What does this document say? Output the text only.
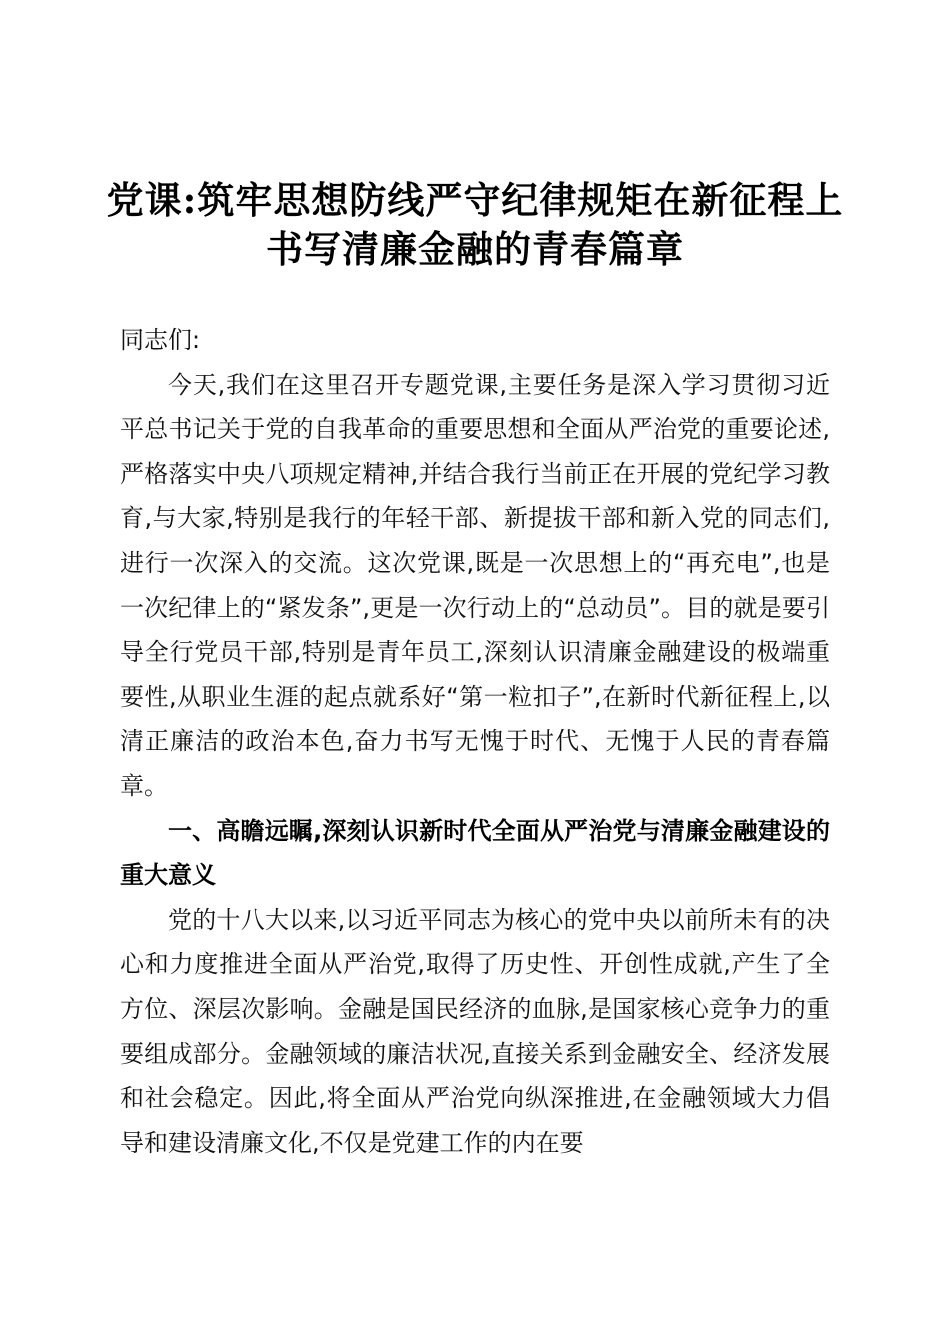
党课:筑牢思想防线严守纪律规矩在新征程上
书写清廉金融的青春篇章

同志们:

今天,我们在这里召开专题党课,主要任务是深入学习贯彻习近平总书记关于党的自我革命的重要思想和全面从严治党的重要论述,严格落实中央八项规定精神,并结合我行当前正在开展的党纪学习教育,与大家,特别是我行的年轻干部、新提拔干部和新入党的同志们,进行一次深入的交流。这次党课,既是一次思想上的“再充电”,也是一次纪律上的“紧发条”,更是一次行动上的“总动员”。目的就是要引导全行党员干部,特别是青年员工,深刻认识清廉金融建设的极端重要性,从职业生涯的起点就系好“第一粒扣子”,在新时代新征程上,以清正廉洁的政治本色,奋力书写无愧于时代、无愧于人民的青春篇章。

一、高瞻远瞩,深刻认识新时代全面从严治党与清廉金融建设的重大意义

党的十八大以来,以习近平同志为核心的党中央以前所未有的决心和力度推进全面从严治党,取得了历史性、开创性成就,产生了全方位、深层次影响。金融是国民经济的血脉,是国家核心竞争力的重要组成部分。金融领域的廉洁状况,直接关系到金融安全、经济发展和社会稳定。因此,将全面从严治党向纵深推进,在金融领域大力倡导和建设清廉文化,不仅是党建工作的内在要
